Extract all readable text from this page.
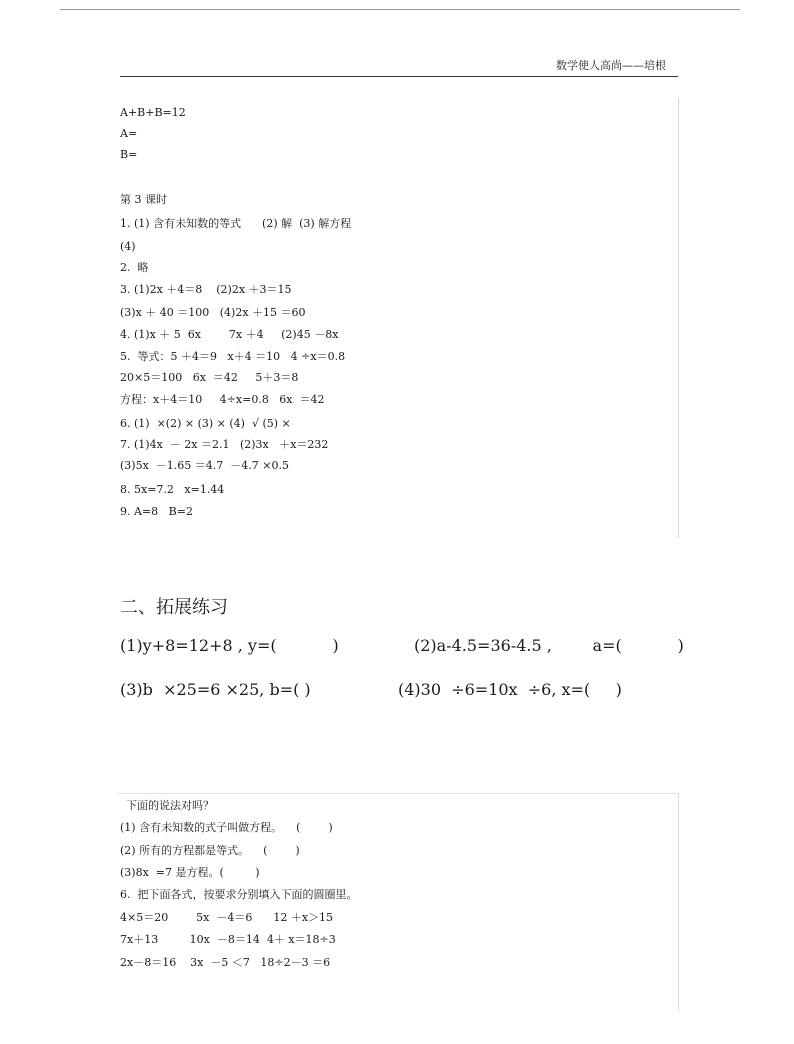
数学使人高尚——培根
A+B+B=12
A=
B=
第 3 课时
1. (1) 含有未知数的等式      (2) 解  (3) 解方程
(4)
2.  略
3. (1)2x ＋4＝8    (2)2x ＋3＝15
(3)x ＋ 40 ＝100   (4)2x ＋15 ＝60
4. (1)x ＋ 5  6x        7x ＋4     (2)45 －8x
5.  等式：5 ＋4＝9   x＋4 ＝10   4 ÷x＝0.8
20×5＝100   6x  ＝42     5＋3＝8
方程：x＋4＝10     4÷x=0.8   6x  ＝42
6. (1)  ×(2) × (3) × (4)  √ (5) ×
7. (1)4x  － 2x ＝2.1   (2)3x   ＋x＝232
(3)5x  －1.65 ＝4.7  －4.7 ×0.5
8. 5x=7.2   x=1.44
9. A=8   B=2
二、拓展练习
(1)y+8=12+8 , y=(           )	(2)a-4.5=36-4.5 ,        a=(           )
(3)b  ×25=6 ×25, b=( )	(4)30  ÷6=10x  ÷6, x=(     )
下面的说法对吗？
(1) 含有未知数的式子叫做方程。    (        )
(2) 所有的方程都是等式。    (        )
(3)8x  =7 是方程。(         )
6.  把下面各式，按要求分别填入下面的圆圈里。
4×5＝20        5x  －4＝6      12 ＋x＞15
7x＋13         10x  －8＝14  4＋ x＝18÷3
2x－8＝16    3x  －5 ＜7   18÷2－3 ＝6
